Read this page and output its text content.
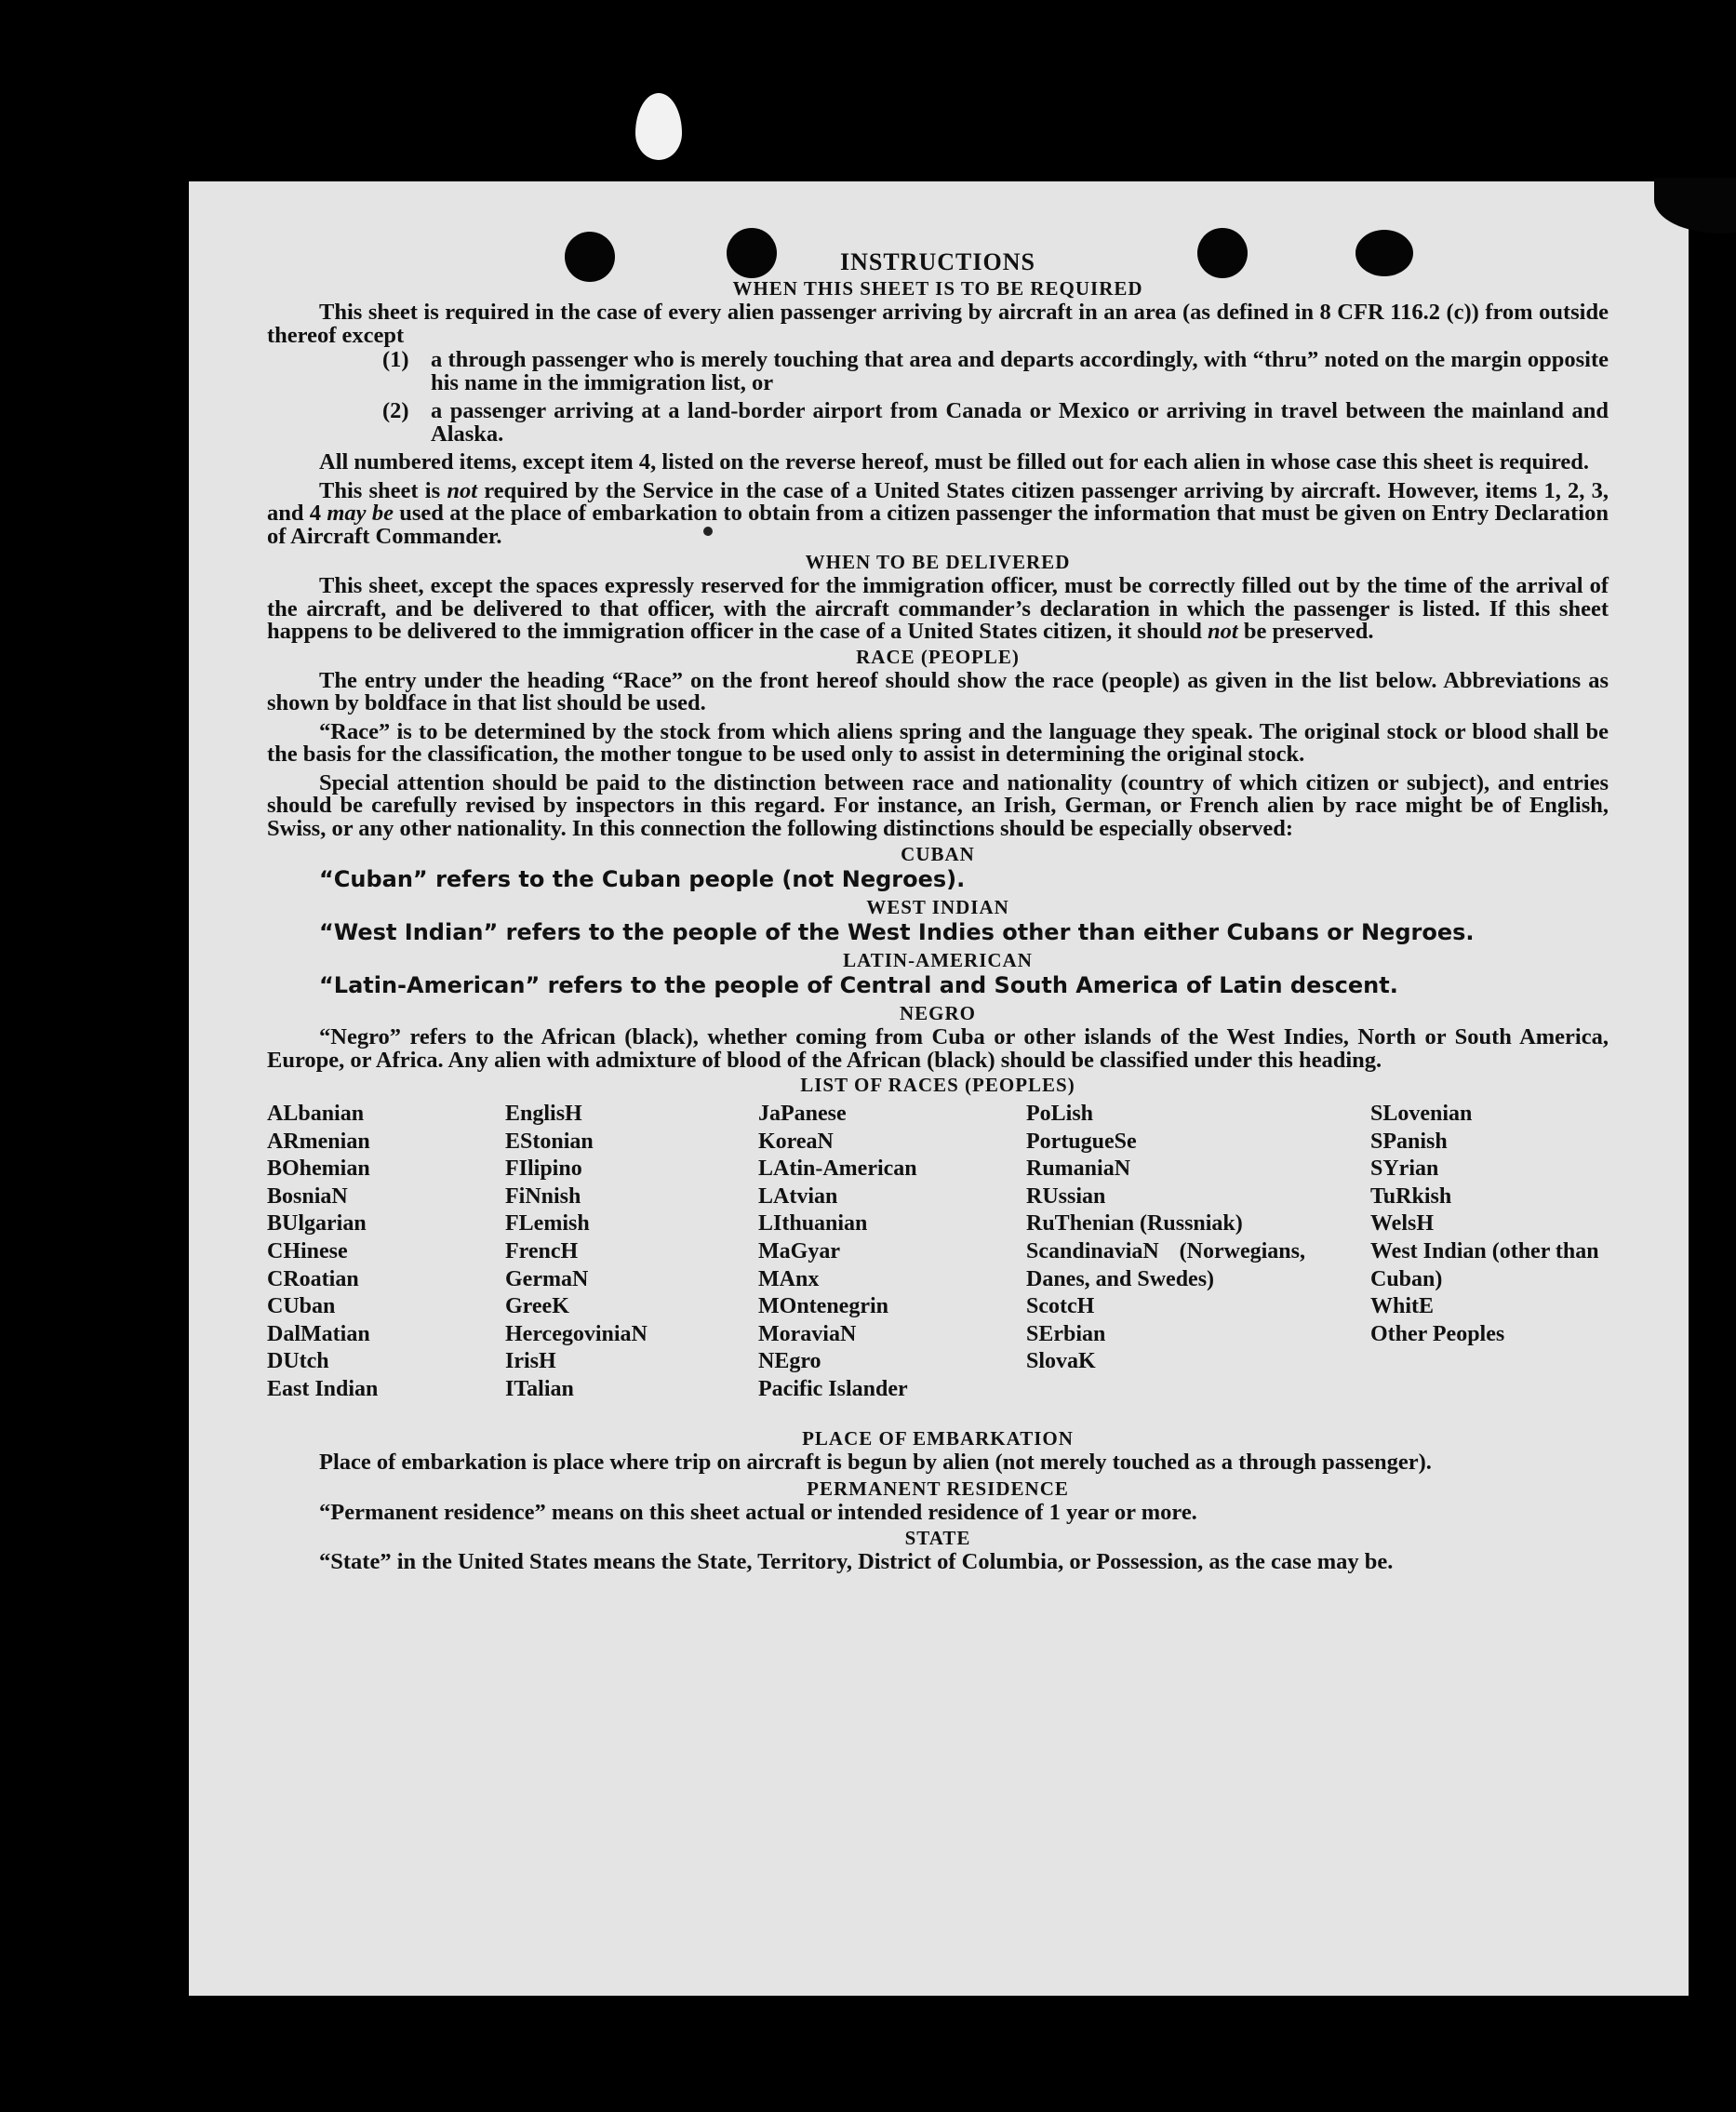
INSTRUCTIONS
WHEN THIS SHEET IS TO BE REQUIRED

This sheet is required in the case of every alien passenger arriving by aircraft in an area (as defined in 8 CFR 116.2 (c)) from outside thereof except

(1) a through passenger who is merely touching that area and departs accordingly, with “thru” noted on the margin opposite his name in the immigration list, or
(2) a passenger arriving at a land-border airport from Canada or Mexico or arriving in travel between the mainland and Alaska.

All numbered items, except item 4, listed on the reverse hereof, must be filled out for each alien in whose case this sheet is required.

This sheet is not required by the Service in the case of a United States citizen passenger arriving by aircraft. However, items 1, 2, 3, and 4 may be used at the place of embarkation to obtain from a citizen passenger the information that must be given on Entry Declaration of Aircraft Commander.

WHEN TO BE DELIVERED

This sheet, except the spaces expressly reserved for the immigration officer, must be correctly filled out by the time of the arrival of the aircraft, and be delivered to that officer, with the aircraft commander’s declaration in which the passenger is listed. If this sheet happens to be delivered to the immigration officer in the case of a United States citizen, it should not be preserved.

RACE (PEOPLE)

The entry under the heading “Race” on the front hereof should show the race (people) as given in the list below. Abbreviations as shown by boldface in that list should be used.

“Race” is to be determined by the stock from which aliens spring and the language they speak. The original stock or blood shall be the basis for the classification, the mother tongue to be used only to assist in determining the original stock.

Special attention should be paid to the distinction between race and nationality (country of which citizen or subject), and entries should be carefully revised by inspectors in this regard. For instance, an Irish, German, or French alien by race might be of English, Swiss, or any other nationality. In this connection the following distinctions should be especially observed:

CUBAN
“Cuban” refers to the Cuban people (not Negroes).
WEST INDIAN
“West Indian” refers to the people of the West Indies other than either Cubans or Negroes.
LATIN-AMERICAN
“Latin-American” refers to the people of Central and South America of Latin descent.
NEGRO

“Negro” refers to the African (black), whether coming from Cuba or other islands of the West Indies, North or South America, Europe, or Africa. Any alien with admixture of blood of the African (black) should be classified under this heading.

LIST OF RACES (PEOPLES)
ALbanian
ARmenian
BOhemian
BosniaN
BUlgarian
CHinese
CRoatian
CUban
DalMatian
DUtch
East Indian
EnglisH
EStonian
FIlipino
FiNnish
FLemish
FrencH
GermaN
GreeK
HercegoviniaN
IrisH
ITalian
JaPanese
KoreaN
LAtin-American
LAtvian
LIthuanian
MaGyar
MAnx
MOntenegrin
MoraviaN
NEgro
Pacific Islander
PoLish
PortugueSe
RumaniaN
RUssian
RuThenian (Russniak)
ScandinaviaN (Norwegians, Danes, and Swedes)
ScotcH
SErbian
SlovaK
SLovenian
SPanish
SYrian
TuRkish
WelsH
West Indian (other than Cuban)
WhitE
Other Peoples
PLACE OF EMBARKATION

Place of embarkation is place where trip on aircraft is begun by alien (not merely touched as a through passenger).

PERMANENT RESIDENCE

“Permanent residence” means on this sheet actual or intended residence of 1 year or more.

STATE

“State” in the United States means the State, Territory, District of Columbia, or Possession, as the case may be.
